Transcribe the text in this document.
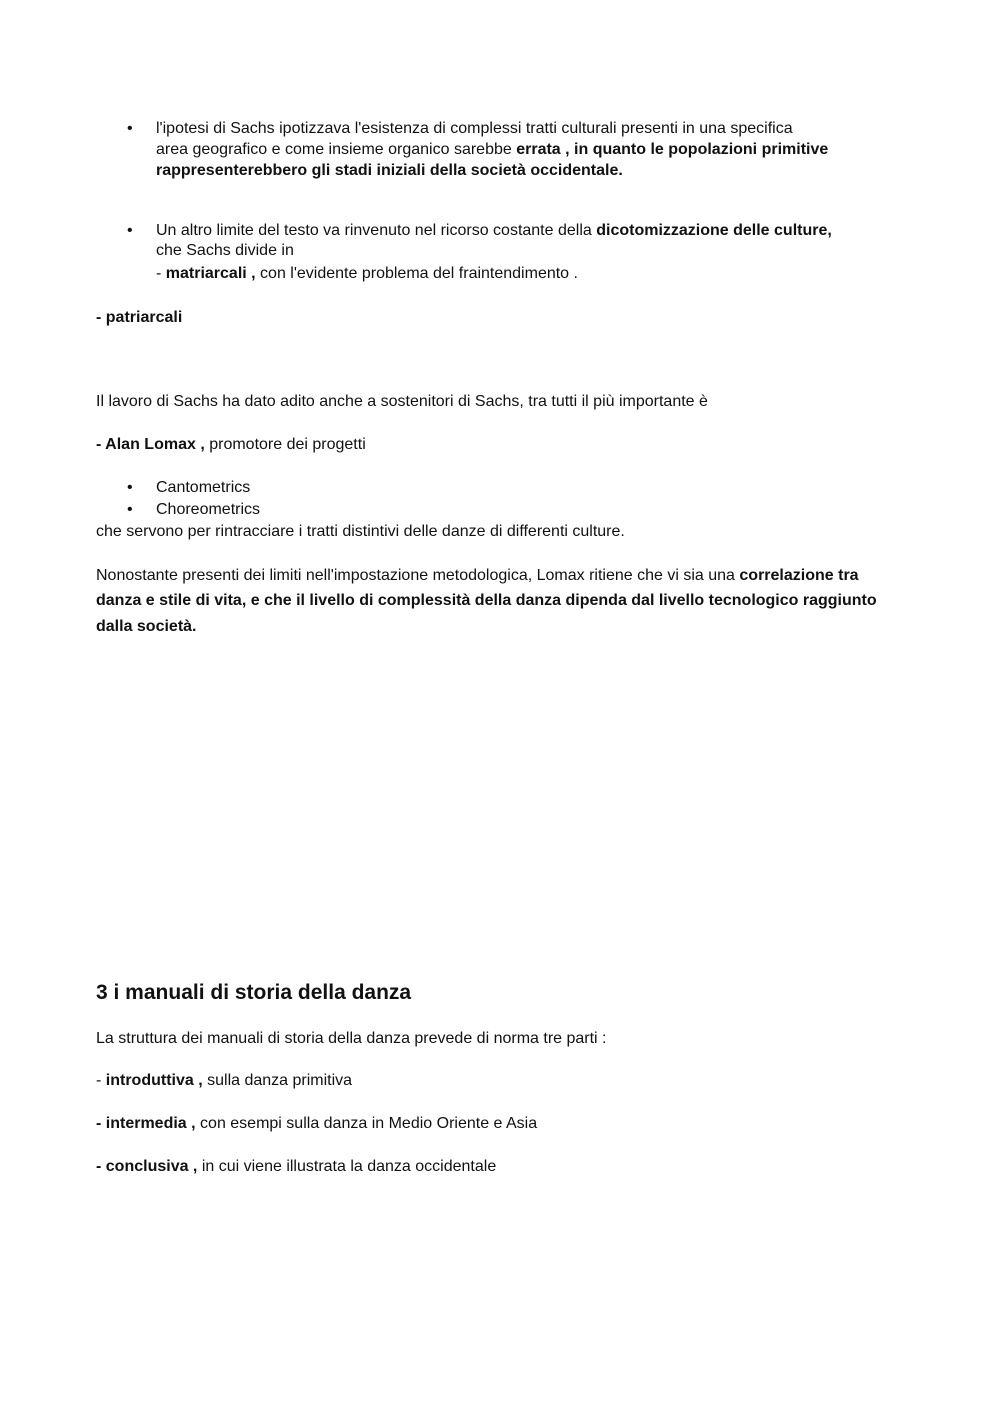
• l'ipotesi di Sachs ipotizzava l'esistenza di complessi tratti culturali presenti in una specifica
area geografico e come insieme organico sarebbe errata , in quanto le popolazioni primitive
rappresenterebbero gli stadi iniziali della società occidentale.
• Un altro limite del testo va rinvenuto nel ricorso costante della dicotomizzazione delle culture,
che Sachs divide in
- matriarcali , con l'evidente problema del fraintendimento .
- patriarcali
Il lavoro di Sachs ha dato adito anche a sostenitori di Sachs, tra tutti il più importante è
- Alan Lomax , promotore dei progetti
• Cantometrics
• Choreometrics
che servono per rintracciare i tratti distintivi delle danze di differenti culture.
Nonostante presenti dei limiti nell'impostazione metodologica, Lomax ritiene che vi sia una correlazione tra
danza e stile di vita, e che il livello di complessità della danza dipenda dal livello tecnologico raggiunto
dalla società.
3 i manuali di storia della danza
La struttura dei manuali di storia della danza prevede di norma tre parti :
- introduttiva , sulla danza primitiva
- intermedia , con esempi sulla danza in Medio Oriente e Asia
- conclusiva , in cui viene illustrata la danza occidentale
